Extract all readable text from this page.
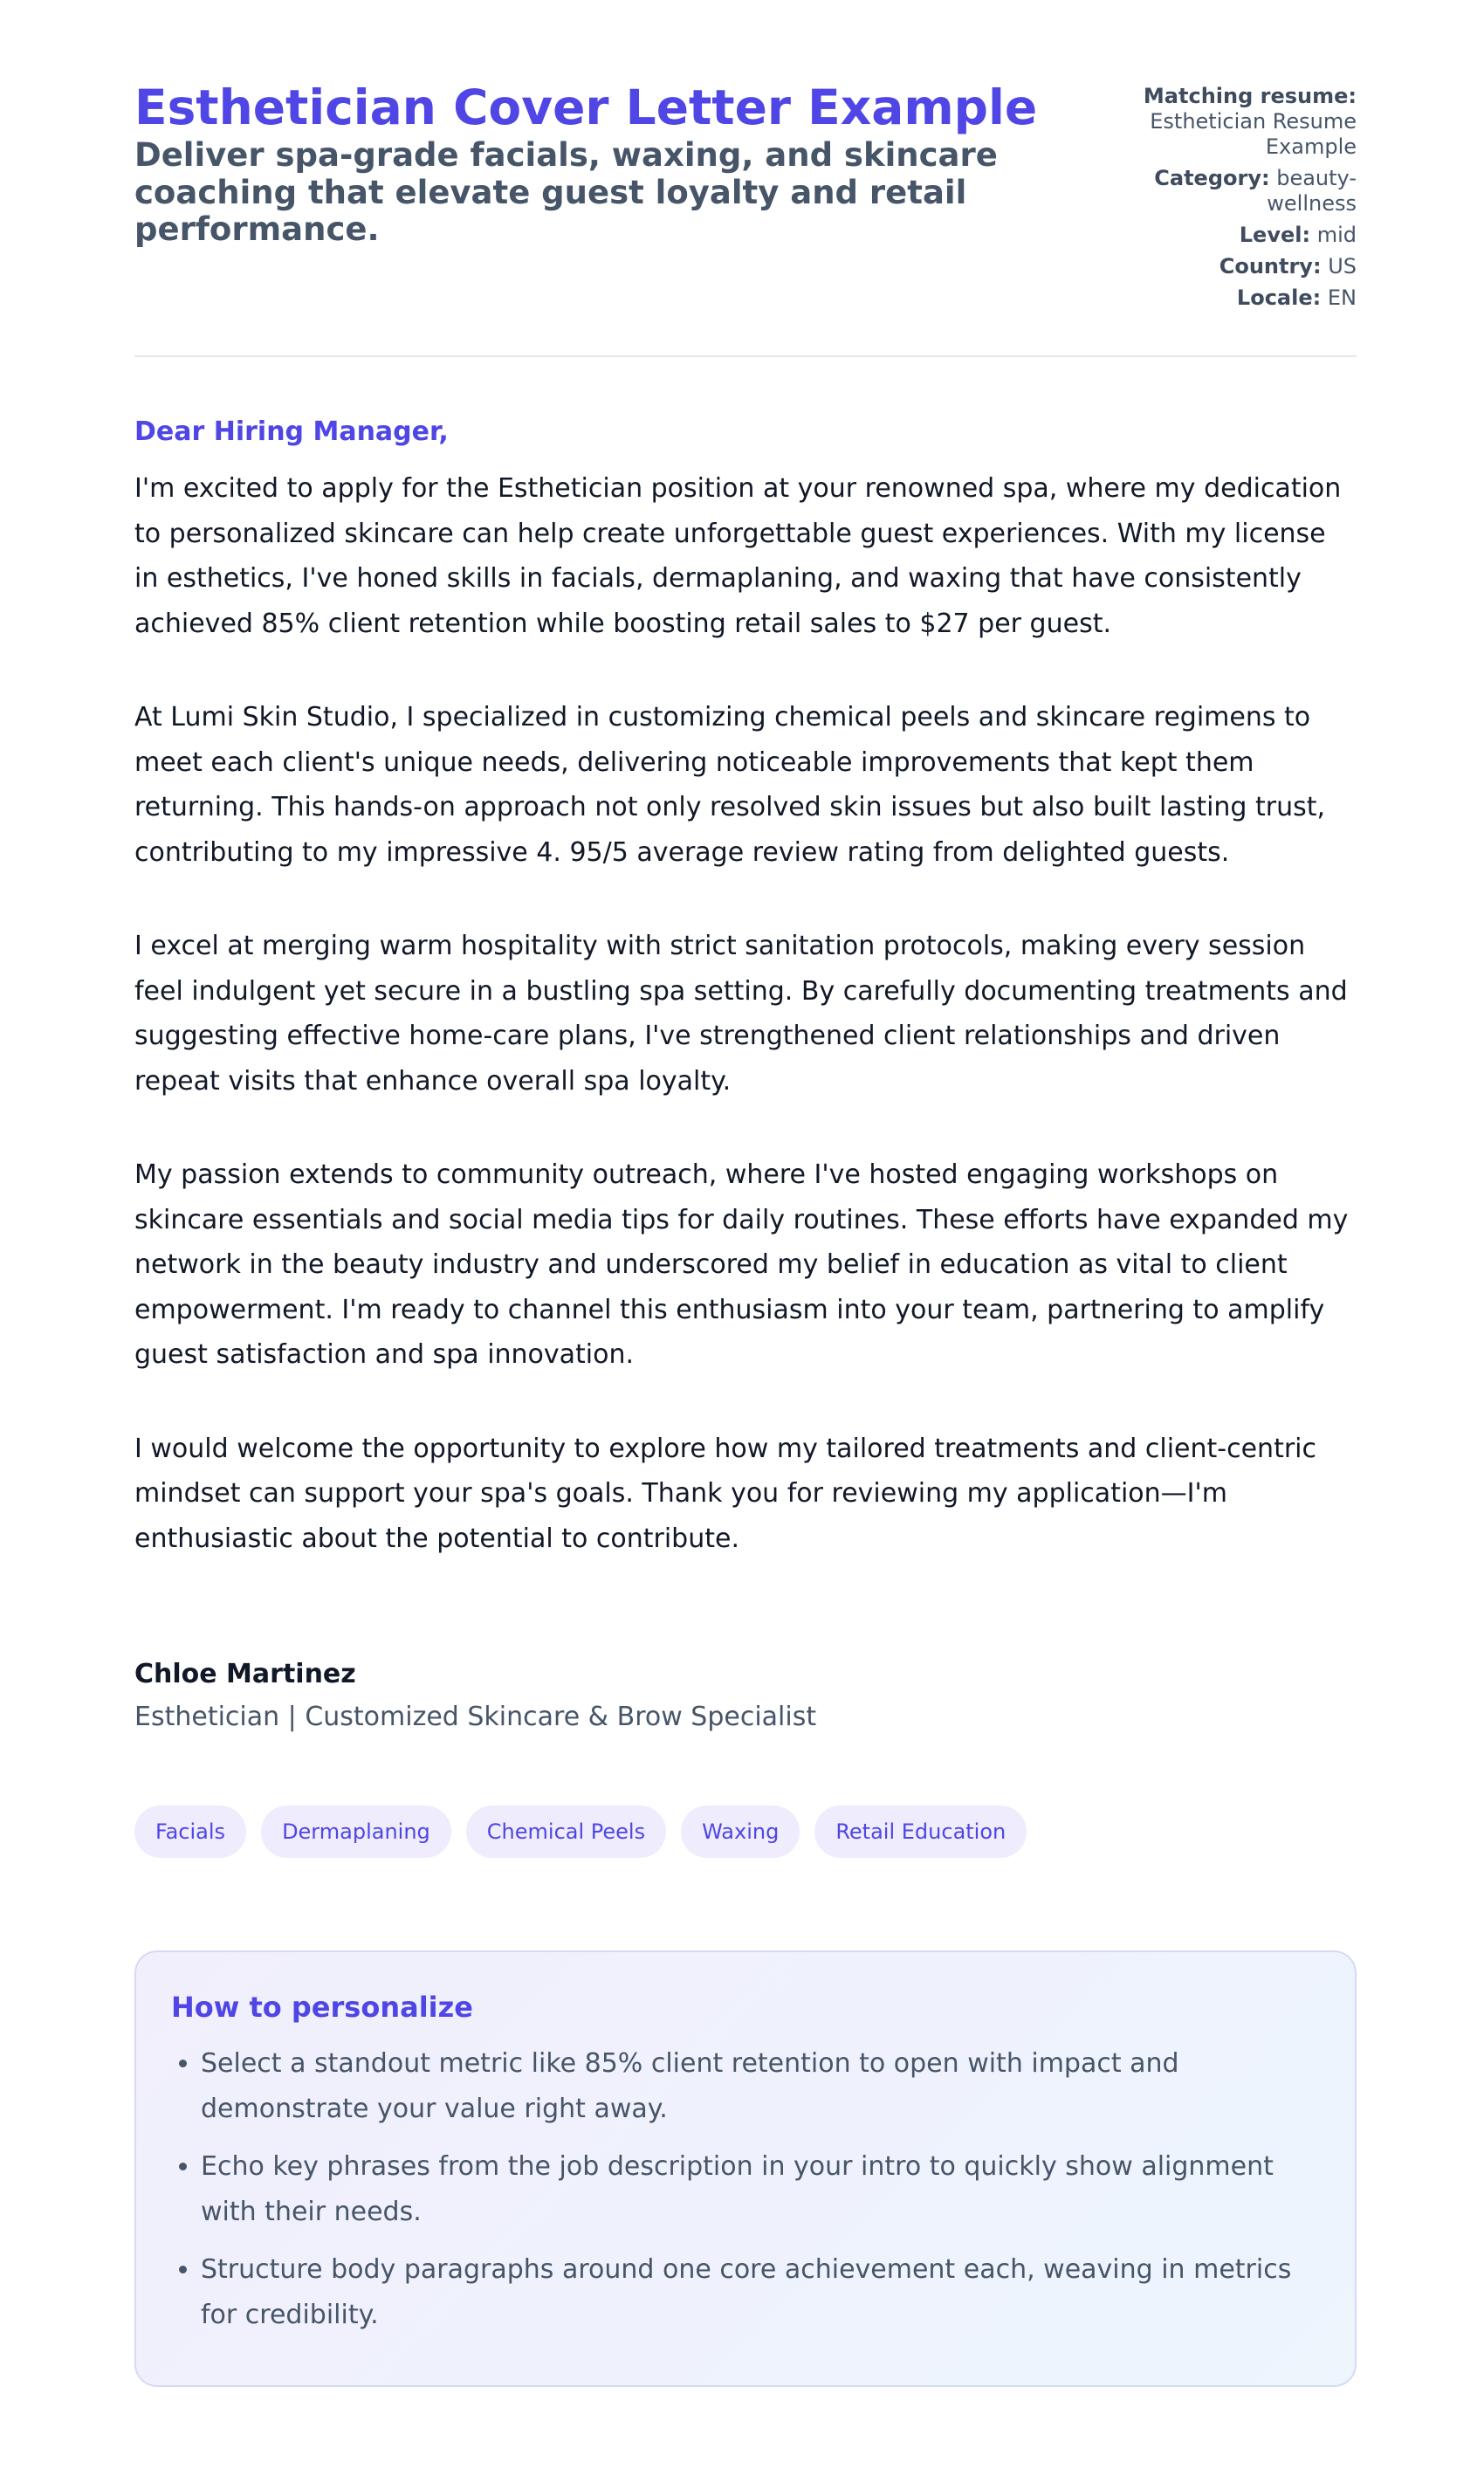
Esthetician Cover Letter Example
Deliver spa-grade facials, waxing, and skincare coaching that elevate guest loyalty and retail performance.
Matching resume:
Esthetician Resume Example
Category: beauty-wellness
Level: mid
Country: US
Locale: EN
Dear Hiring Manager,

I'm excited to apply for the Esthetician position at your renowned spa, where my dedication to personalized skincare can help create unforgettable guest experiences. With my license in esthetics, I've honed skills in facials, dermaplaning, and waxing that have consistently achieved 85% client retention while boosting retail sales to $27 per guest.

At Lumi Skin Studio, I specialized in customizing chemical peels and skincare regimens to meet each client's unique needs, delivering noticeable improvements that kept them returning. This hands-on approach not only resolved skin issues but also built lasting trust, contributing to my impressive 4. 95/5 average review rating from delighted guests.

I excel at merging warm hospitality with strict sanitation protocols, making every session feel indulgent yet secure in a bustling spa setting. By carefully documenting treatments and suggesting effective home-care plans, I've strengthened client relationships and driven repeat visits that enhance overall spa loyalty.

My passion extends to community outreach, where I've hosted engaging workshops on skincare essentials and social media tips for daily routines. These efforts have expanded my network in the beauty industry and underscored my belief in education as vital to client empowerment. I'm ready to channel this enthusiasm into your team, partnering to amplify guest satisfaction and spa innovation.

I would welcome the opportunity to explore how my tailored treatments and client-centric mindset can support your spa's goals. Thank you for reviewing my application—I'm enthusiastic about the potential to contribute.

Chloe Martinez
Esthetician | Customized Skincare & Brow Specialist
Facials	Dermaplaning	Chemical Peels	Waxing	Retail Education
How to personalize
• Select a standout metric like 85% client retention to open with impact and demonstrate your value right away.
• Echo key phrases from the job description in your intro to quickly show alignment with their needs.
• Structure body paragraphs around one core achievement each, weaving in metrics for credibility.
